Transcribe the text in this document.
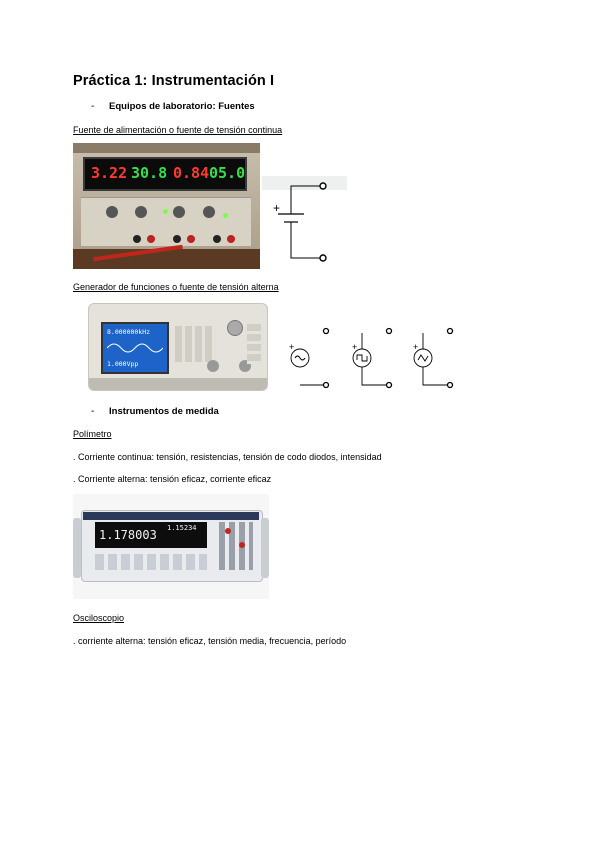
Práctica 1: Instrumentación I
- Equipos de laboratorio: Fuentes
Fuente de alimentación o fuente de tensión continua
3.22 30.8 0.84 05.0
+
Generador de funciones o fuente de tensión alterna
8.000000kHz
1.000Vpp
+	+	+
- Instrumentos de medida
Polímetro
. Corriente continua: tensión, resistencias, tensión de codo diodos, intensidad
. Corriente alterna: tensión eficaz, corriente eficaz
1.178003 1.15234
Osciloscopio
. corriente alterna: tensión eficaz, tensión media, frecuencia, período
